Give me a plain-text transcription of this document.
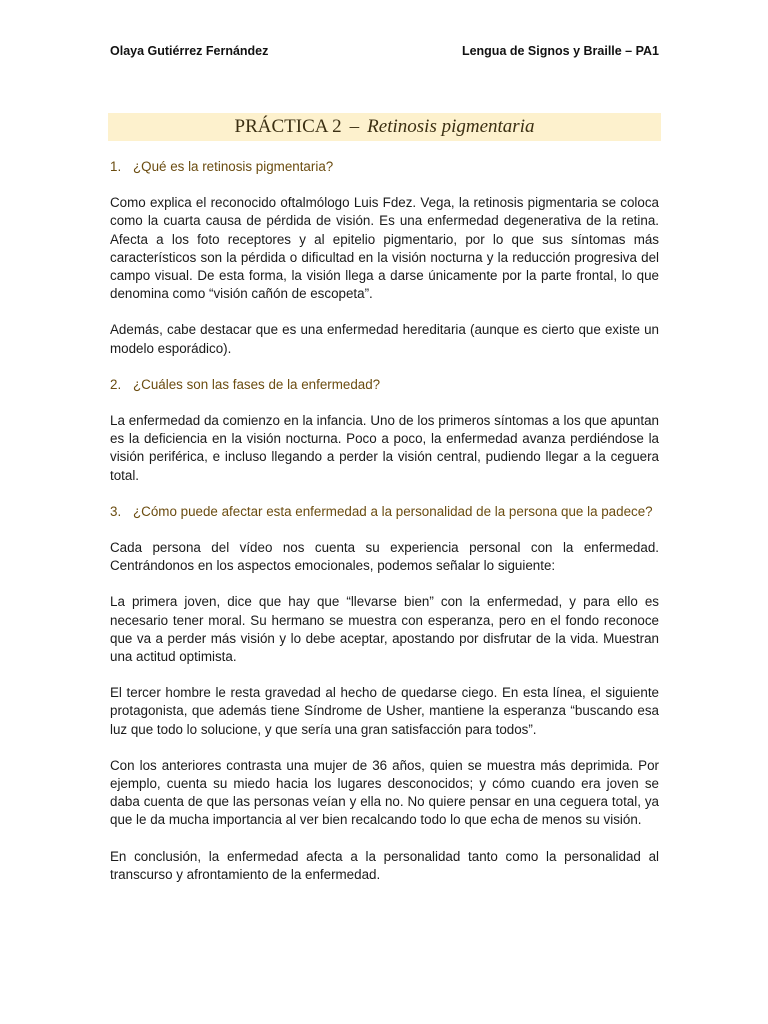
Olaya Gutiérrez Fernández	Lengua de Signos y Braille – PA1
PRÁCTICA 2 – Retinosis pigmentaria
1. ¿Qué es la retinosis pigmentaria?

Como explica el reconocido oftalmólogo Luis Fdez. Vega, la retinosis pigmentaria se coloca como la cuarta causa de pérdida de visión. Es una enfermedad degenerativa de la retina. Afecta a los foto receptores y al epitelio pigmentario, por lo que sus síntomas más característicos son la pérdida o dificultad en la visión nocturna y la reducción progresiva del campo visual. De esta forma, la visión llega a darse únicamente por la parte frontal, lo que denomina como “visión cañón de escopeta”.

Además, cabe destacar que es una enfermedad hereditaria (aunque es cierto que existe un modelo esporádico).

2. ¿Cuáles son las fases de la enfermedad?

La enfermedad da comienzo en la infancia. Uno de los primeros síntomas a los que apuntan es la deficiencia en la visión nocturna. Poco a poco, la enfermedad avanza perdiéndose la visión periférica, e incluso llegando a perder la visión central, pudiendo llegar a la ceguera total.

3. ¿Cómo puede afectar esta enfermedad a la personalidad de la persona que la padece?

Cada persona del vídeo nos cuenta su experiencia personal con la enfermedad. Centrándonos en los aspectos emocionales, podemos señalar lo siguiente:

La primera joven, dice que hay que “llevarse bien” con la enfermedad, y para ello es necesario tener moral. Su hermano se muestra con esperanza, pero en el fondo reconoce que va a perder más visión y lo debe aceptar, apostando por disfrutar de la vida. Muestran una actitud optimista.

El tercer hombre le resta gravedad al hecho de quedarse ciego. En esta línea, el siguiente protagonista, que además tiene Síndrome de Usher, mantiene la esperanza “buscando esa luz que todo lo solucione, y que sería una gran satisfacción para todos”.

Con los anteriores contrasta una mujer de 36 años, quien se muestra más deprimida. Por ejemplo, cuenta su miedo hacia los lugares desconocidos; y cómo cuando era joven se daba cuenta de que las personas veían y ella no. No quiere pensar en una ceguera total, ya que le da mucha importancia al ver bien recalcando todo lo que echa de menos su visión.

En conclusión, la enfermedad afecta a la personalidad tanto como la personalidad al transcurso y afrontamiento de la enfermedad.
